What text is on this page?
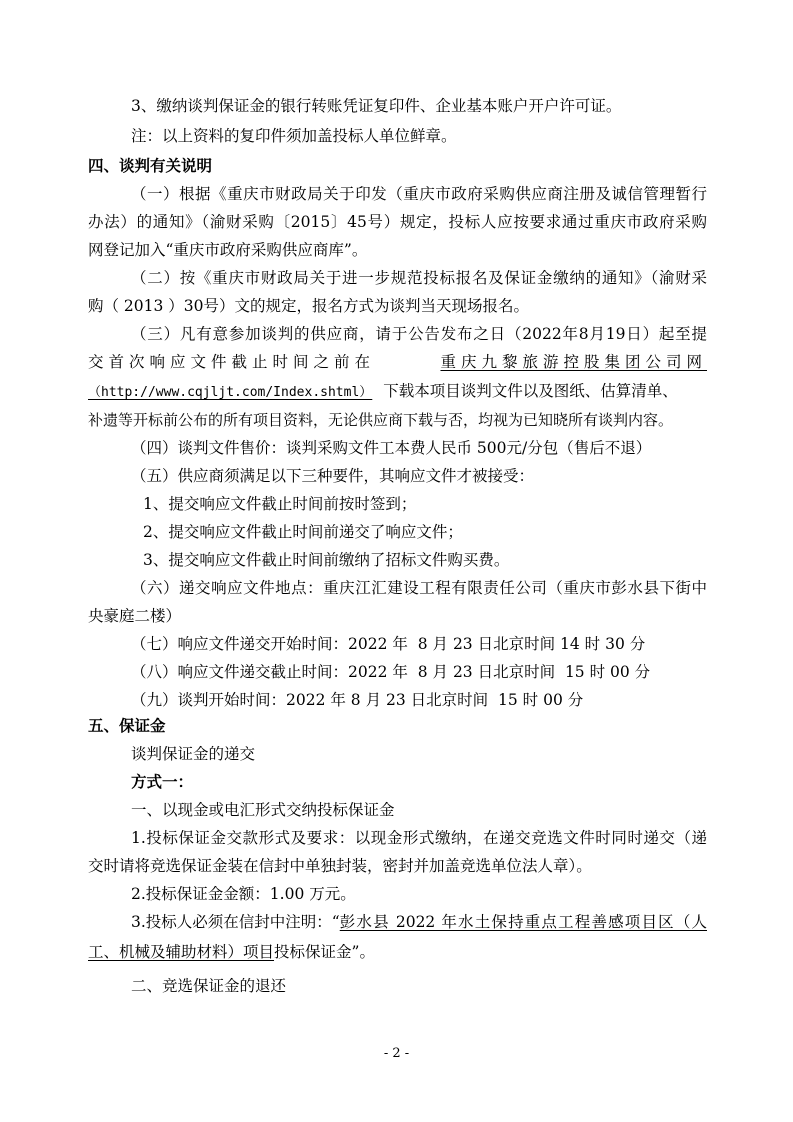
3、缴纳谈判保证金的银行转账凭证复印件、企业基本账户开户许可证。

注：以上资料的复印件须加盖投标人单位鲜章。

四、谈判有关说明

（一）根据《重庆市财政局关于印发（重庆市政府采购供应商注册及诚信管理暂行

办法）的通知》（渝财采购〔2015〕45号）规定，投标人应按要求通过重庆市政府采购

网登记加入“重庆市政府采购供应商库”。

（二）按《重庆市财政局关于进一步规范投标报名及保证金缴纳的通知》（渝财采

购（ 2013 ）30号）文的规定，报名方式为谈判当天现场报名。

（三）凡有意参加谈判的供应商，请于公告发布之日（2022年8月19日）起至提

交首次响应文件截止时间之前在	重庆九黎旅游控股集团公司网

（http://www.cqjljt.com/Index.shtml） 下载本项目谈判文件以及图纸、估算清单、

补遗等开标前公布的所有项目资料，无论供应商下载与否，均视为已知晓所有谈判内容。

（四）谈判文件售价：谈判采购文件工本费人民币 500元/分包（售后不退）

（五）供应商须满足以下三种要件，其响应文件才被接受：

1、提交响应文件截止时间前按时签到；

2、提交响应文件截止时间前递交了响应文件；

3、提交响应文件截止时间前缴纳了招标文件购买费。

（六）递交响应文件地点：重庆江汇建设工程有限责任公司（重庆市彭水县下街中

央豪庭二楼）

（七）响应文件递交开始时间：2022 年  8 月 23 日北京时间 14 时 30 分

（八）响应文件递交截止时间：2022 年  8 月 23 日北京时间  15 时 00 分

（九）谈判开始时间：2022 年 8 月 23 日北京时间  15 时 00 分

五、保证金

谈判保证金的递交

方式一：

一、以现金或电汇形式交纳投标保证金

1.投标保证金交款形式及要求：以现金形式缴纳，在递交竞选文件时同时递交（递

交时请将竞选保证金装在信封中单独封装，密封并加盖竞选单位法人章）。

2.投标保证金金额：1.00 万元。

3.投标人必须在信封中注明：“ 彭水县 2022 年水土保持重点工程善感项目区（人

工、机械及辅助材料）项目投标保证金”。

二、竞选保证金的退还

- 2 -
